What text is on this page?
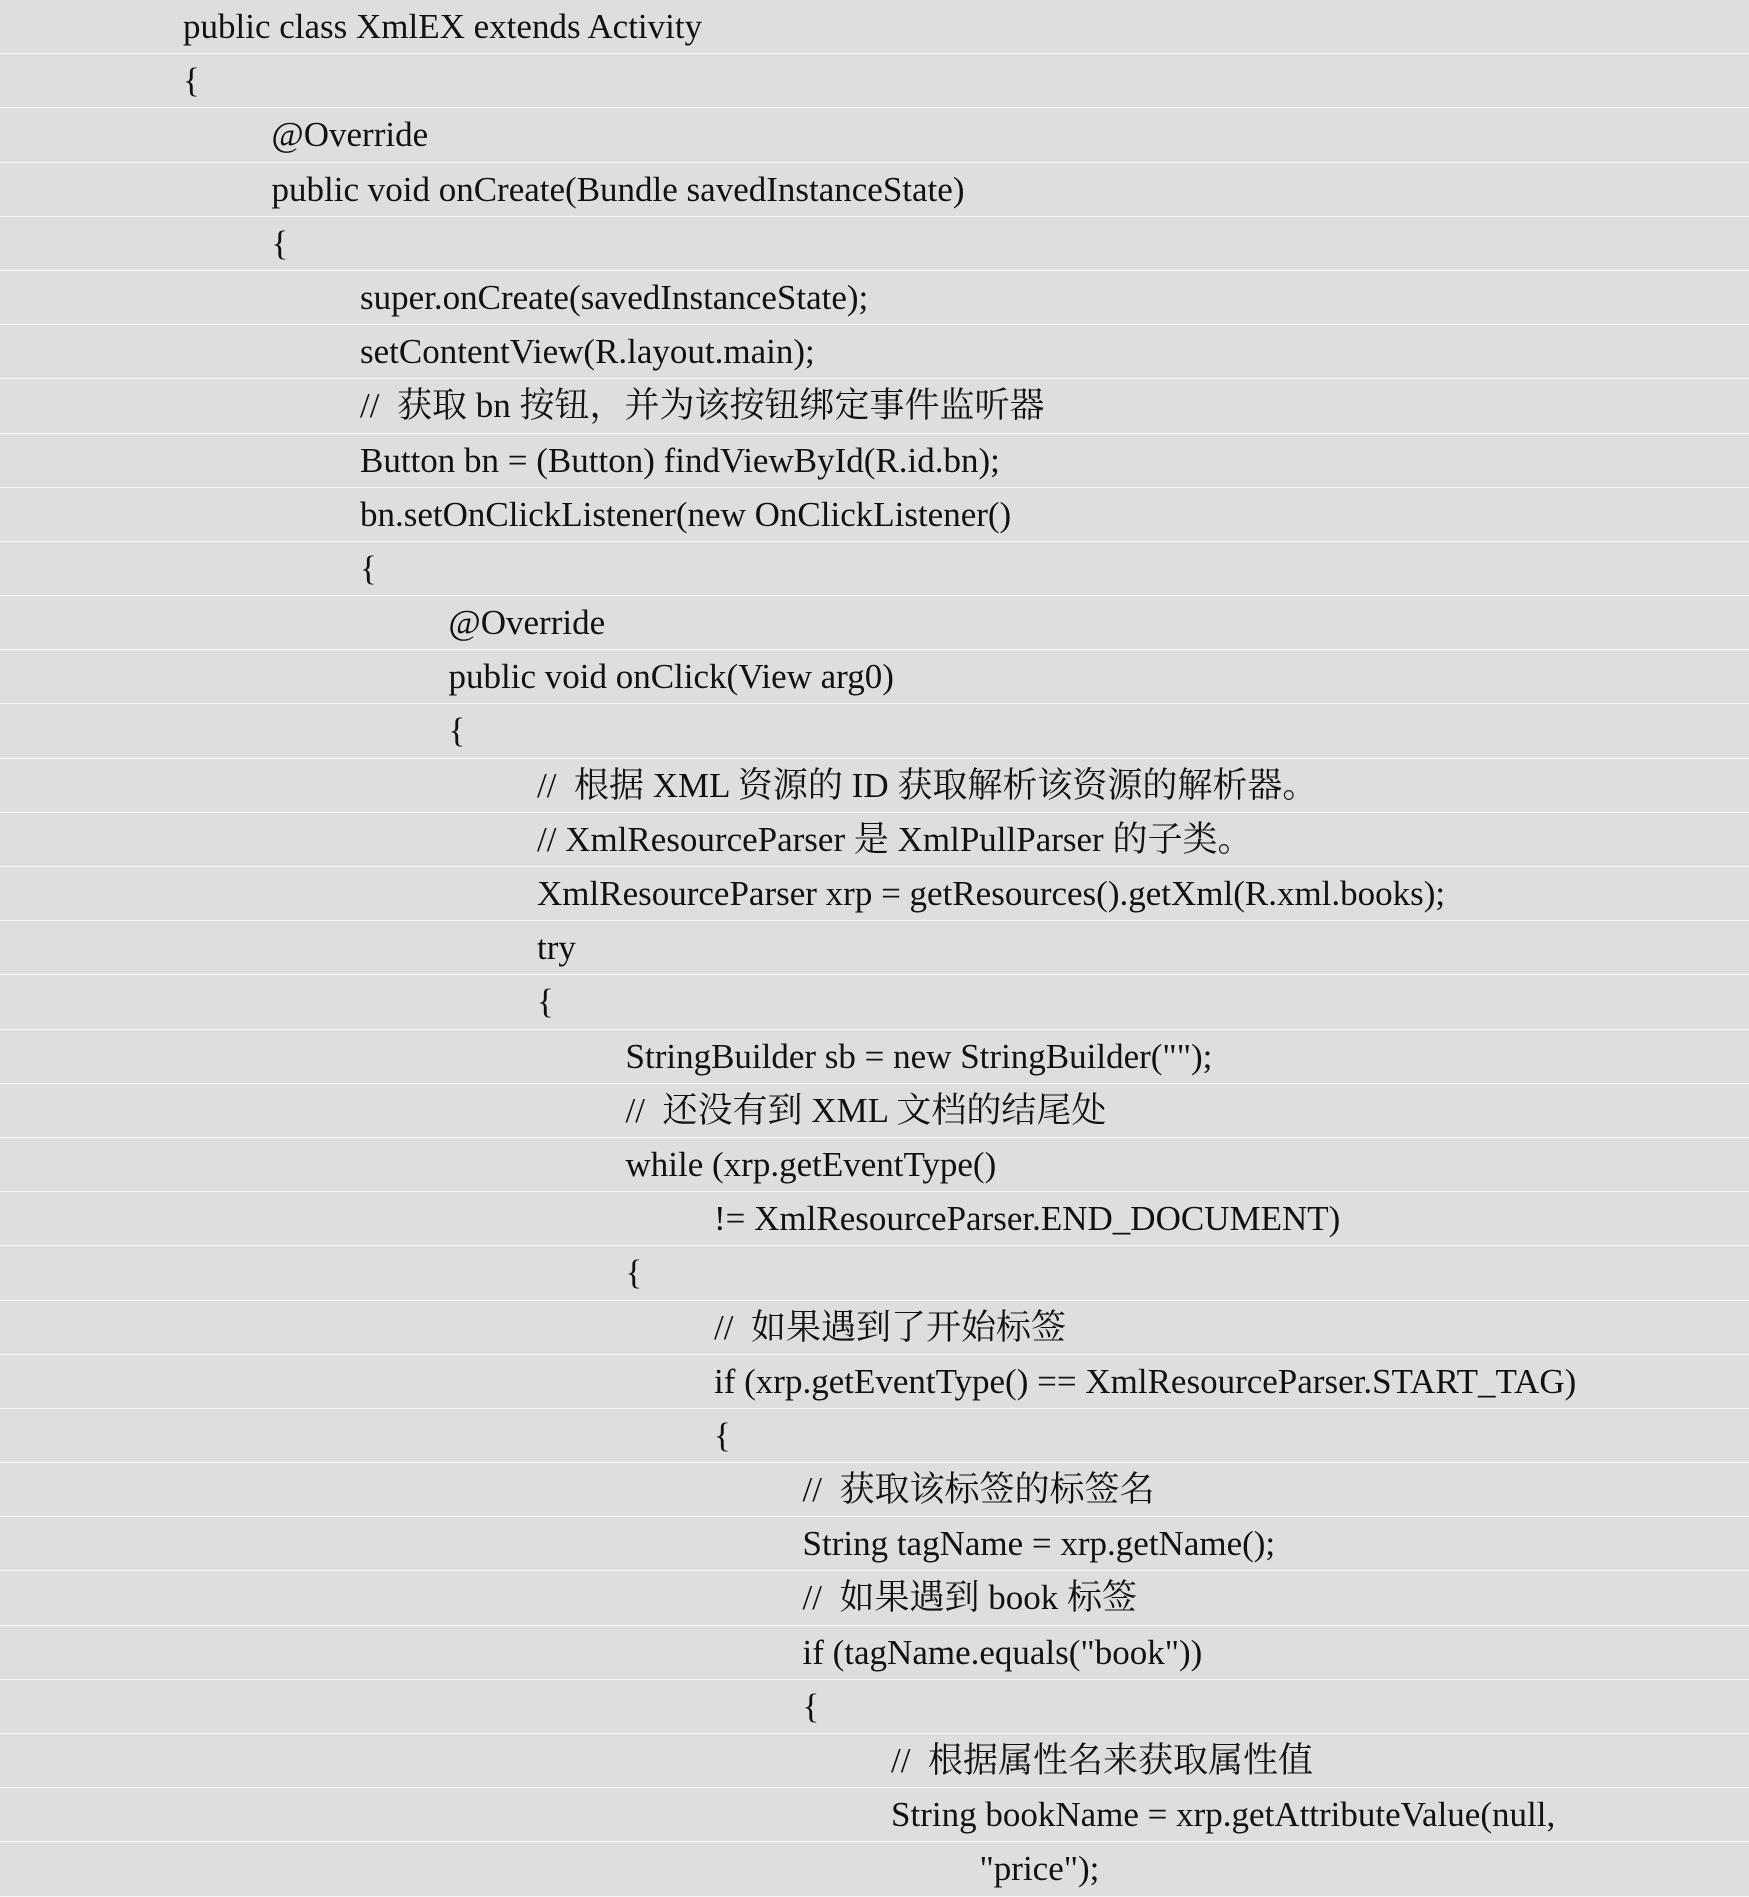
public class XmlEX extends Activity
{
@Override
public void onCreate(Bundle savedInstanceState)
{
super.onCreate(savedInstanceState);
setContentView(R.layout.main);
//  获取 bn 按钮，并为该按钮绑定事件监听器
Button bn = (Button) findViewById(R.id.bn);
bn.setOnClickListener(new OnClickListener()
{
@Override
public void onClick(View arg0)
{
//  根据 XML 资源的 ID 获取解析该资源的解析器。
// XmlResourceParser 是 XmlPullParser 的子类。
XmlResourceParser xrp = getResources().getXml(R.xml.books);
try
{
StringBuilder sb = new StringBuilder("");
//  还没有到 XML 文档的结尾处
while (xrp.getEventType()
!= XmlResourceParser.END_DOCUMENT)
{
//  如果遇到了开始标签
if (xrp.getEventType() == XmlResourceParser.START_TAG)
{
//  获取该标签的标签名
String tagName = xrp.getName();
//  如果遇到 book 标签
if (tagName.equals("book"))
{
//  根据属性名来获取属性值
String bookName = xrp.getAttributeValue(null,
"price");
